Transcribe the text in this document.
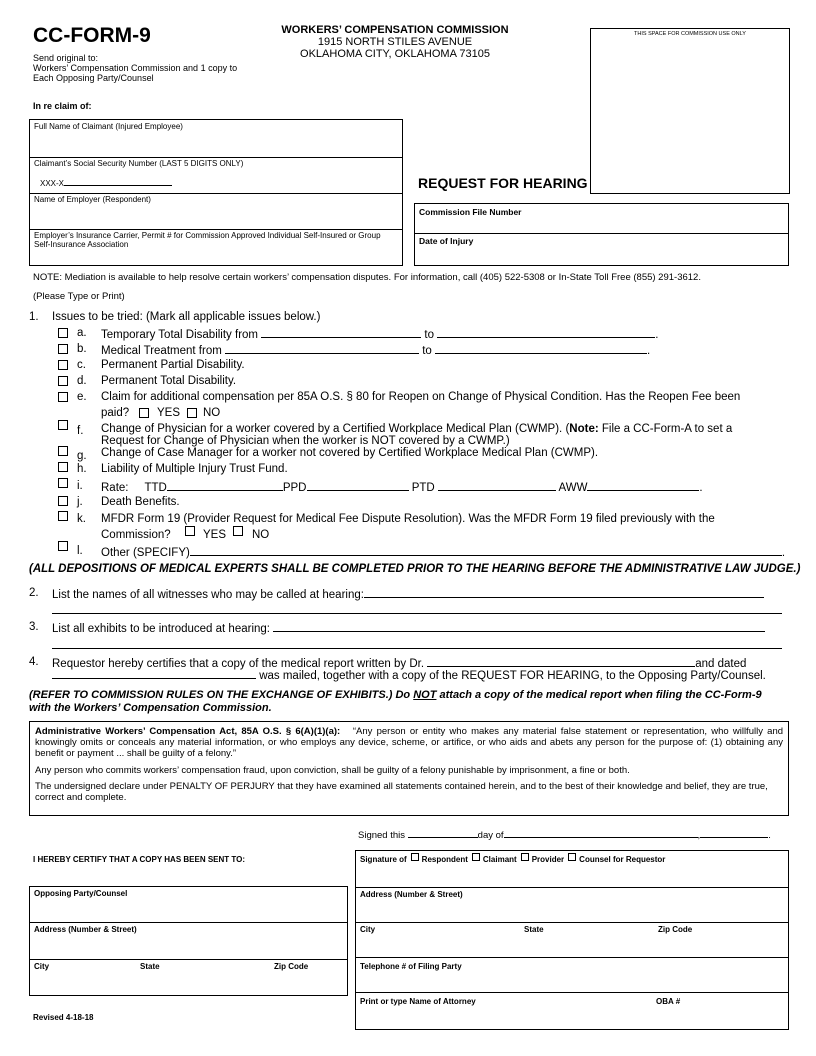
CC-FORM-9
Send original to:
Workers’ Compensation Commission and 1 copy to
Each Opposing Party/Counsel
WORKERS’ COMPENSATION COMMISSION
1915 NORTH STILES AVENUE
OKLAHOMA CITY, OKLAHOMA 73105
THIS SPACE FOR COMMISSION USE ONLY
REQUEST FOR HEARING
In re claim of:
Full Name of Claimant (Injured Employee)
Claimant’s Social Security Number (LAST 5 DIGITS ONLY)
XXX-X
Name of Employer (Respondent)
Employer’s Insurance Carrier, Permit # for Commission Approved Individual Self-Insured or Group Self-Insurance Association
Commission File Number
Date of Injury
NOTE: Mediation is available to help resolve certain workers’ compensation disputes. For information, call (405) 522-5308 or In-State Toll Free (855) 291-3612.
(Please Type or Print)
1. Issues to be tried: (Mark all applicable issues below.)
a. Temporary Total Disability from	to	.
b. Medical Treatment from	to	.
c. Permanent Partial Disability.
d. Permanent Total Disability.
e. Claim for additional compensation per 85A O.S. § 80 for Reopen on Change of Physical Condition. Has the Reopen Fee been
paid? YES NO
f. Change of Physician for a worker covered by a Certified Workplace Medical Plan (CWMP). (Note: File a CC-Form-A to set a
Request for Change of Physician when the worker is NOT covered by a CWMP.)
g. Change of Case Manager for a worker not covered by Certified Workplace Medical Plan (CWMP).
h. Liability of Multiple Injury Trust Fund.
i. Rate: TTD	PPD	PTD	AWW	.
j. Death Benefits.
k. MFDR Form 19 (Provider Request for Medical Fee Dispute Resolution). Was the MFDR Form 19 filed previously with the
Commission?	YES NO
l. Other (SPECIFY)	.
(ALL DEPOSITIONS OF MEDICAL EXPERTS SHALL BE COMPLETED PRIOR TO THE HEARING BEFORE THE ADMINISTRATIVE LAW JUDGE.)
2. List the names of all witnesses who may be called at hearing:
3. List all exhibits to be introduced at hearing:
4. Requestor hereby certifies that a copy of the medical report written by Dr.	and dated
was mailed, together with a copy of the REQUEST FOR HEARING, to the Opposing Party/Counsel.
(REFER TO COMMISSION RULES ON THE EXCHANGE OF EXHIBITS.) Do NOT attach a copy of the medical report when filing the CC-Form-9
with the Workers’ Compensation Commission.
Administrative Workers’ Compensation Act, 85A O.S. § 6(A)(1)(a): “Any person or entity who makes any material false statement or representation, who willfully and knowingly omits or conceals any material information, or who employs any device, scheme, or artifice, or who aids and abets any person for the purpose of: (1) obtaining any benefit or payment ... shall be guilty of a felony.”
Any person who commits workers’ compensation fraud, upon conviction, shall be guilty of a felony punishable by imprisonment, a fine or both.
The undersigned declare under PENALTY OF PERJURY that they have examined all statements contained herein, and to the best of their knowledge and belief, they are true, correct and complete.
Signed this	day of	,	.
I HEREBY CERTIFY THAT A COPY HAS BEEN SENT TO:
Opposing Party/Counsel
Address (Number & Street)
City	State	Zip Code
Signature of Respondent Claimant Provider Counsel for Requestor
Address (Number & Street)
City	State	Zip Code
Telephone # of Filing Party
Print or type Name of Attorney	OBA #
Revised 4-18-18
